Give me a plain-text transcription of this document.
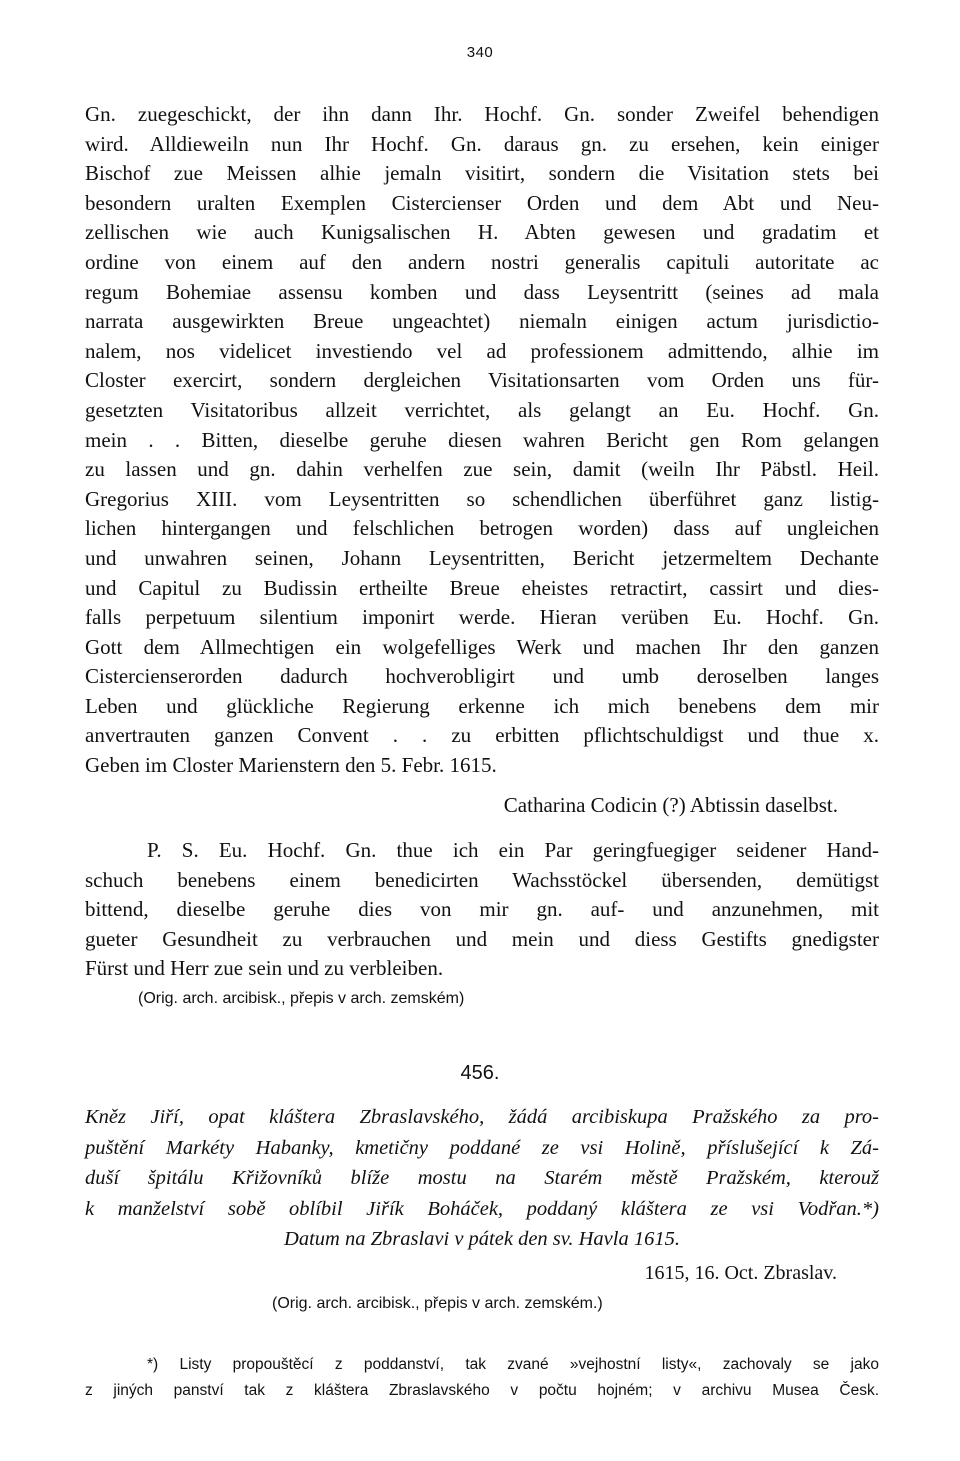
340
Gn. zuegeschickt, der ihn dann Ihr. Hochf. Gn. sonder Zweifel behendigen
wird. Alldieweiln nun Ihr Hochf. Gn. daraus gn. zu ersehen, kein einiger
Bischof zue Meissen alhie jemaln visitirt, sondern die Visitation stets bei
besondern uralten Exemplen Cistercienser Orden und dem Abt und Neu-
zellischen wie auch Kunigsalischen H. Abten gewesen und gradatim et
ordine von einem auf den andern nostri generalis capituli autoritate ac
regum Bohemiae assensu komben und dass Leysentritt (seines ad mala
narrata ausgewirkten Breue ungeachtet) niemaln einigen actum jurisdictio-
nalem, nos videlicet investiendo vel ad professionem admittendo, alhie im
Closter exercirt, sondern dergleichen Visitationsarten vom Orden uns für-
gesetzten Visitatoribus allzeit verrichtet, als gelangt an Eu. Hochf. Gn.
mein . . Bitten, dieselbe geruhe diesen wahren Bericht gen Rom gelangen
zu lassen und gn. dahin verhelfen zue sein, damit (weiln Ihr Päbstl. Heil.
Gregorius XIII. vom Leysentritten so schendlichen überführet ganz listig-
lichen hintergangen und felschlichen betrogen worden) dass auf ungleichen
und unwahren seinen, Johann Leysentritten, Bericht jetzermeltem Dechante
und Capitul zu Budissin ertheilte Breue eheistes retractirt, cassirt und dies-
falls perpetuum silentium imponirt werde. Hieran verüben Eu. Hochf. Gn.
Gott dem Allmechtigen ein wolgefelliges Werk und machen Ihr den ganzen
Cistercienserorden dadurch hochverobligirt und umb deroselben langes
Leben und glückliche Regierung erkenne ich mich benebens dem mir
anvertrauten ganzen Convent . . zu erbitten pflichtschuldigst und thue x.
Geben im Closter Marienstern den 5. Febr. 1615.
Catharina Codicin (?) Abtissin daselbst.
P. S. Eu. Hochf. Gn. thue ich ein Par geringfuegiger seidener Hand-
schuch benebens einem benedicirten Wachsstöckel übersenden, demütigst
bittend, dieselbe geruhe dies von mir gn. auf- und anzunehmen, mit
gueter Gesundheit zu verbrauchen und mein und diess Gestifts gnedigster
Fürst und Herr zue sein und zu verbleiben.
(Orig. arch. arcibisk., přepis v arch. zemském)
456.
Kněz Jiří, opat kláštera Zbraslavského, žádá arcibiskupa Pražského za pro-
puštění Markéty Habanky, kmetičny poddané ze vsi Holině, příslušející k Zá-
duší špitálu Křižovníků blíže mostu na Starém městě Pražském, kterouž
k manželství sobě oblíbil Jiřík Boháček, poddaný kláštera ze vsi Vodřan.*)
Datum na Zbraslavi v pátek den sv. Havla 1615.
1615, 16. Oct. Zbraslav.
(Orig. arch. arcibisk., přepis v arch. zemském.)
*) Listy propouštěcí z poddanství, tak zvané »vejhostní listy«, zachovaly se jako
z jiných panství tak z kláštera Zbraslavského v počtu hojném; v archivu Musea Česk.
